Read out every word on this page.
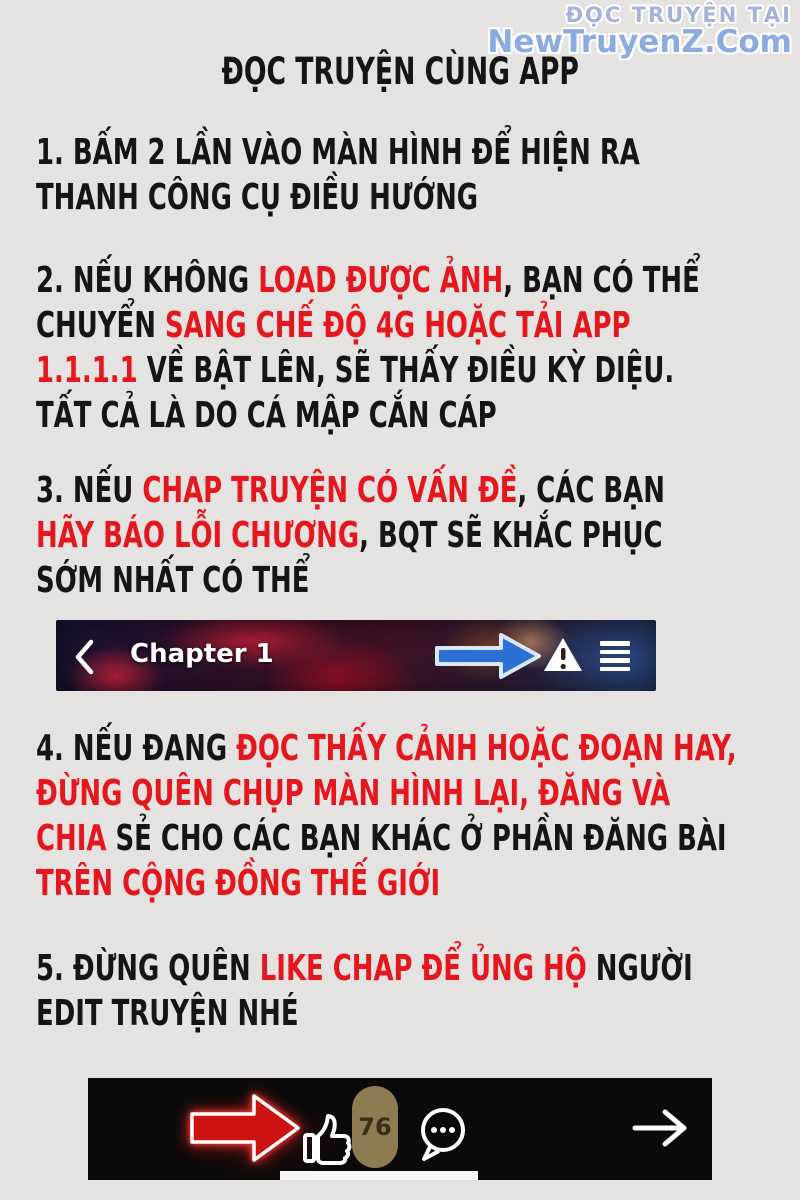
ĐỌC TRUYỆN TẠI
NewTruyenZ.Com
ĐỌC TRUYỆN CÙNG APP

1. BẤM 2 LẦN VÀO MÀN HÌNH ĐỂ HIỆN RA
THANH CÔNG CỤ ĐIỀU HƯỚNG

2. NẾU KHÔNG LOAD ĐƯỢC ẢNH, BẠN CÓ THỂ
CHUYỂN SANG CHẾ ĐỘ 4G HOẶC TẢI APP
1.1.1.1 VỀ BẬT LÊN, SẼ THẤY ĐIỀU KỲ DIỆU.
TẤT CẢ LÀ DO CÁ MẬP CẮN CÁP

3. NẾU CHAP TRUYỆN CÓ VẤN ĐỀ, CÁC BẠN
HÃY BÁO LỖI CHƯƠNG, BQT SẼ KHẮC PHỤC
SỚM NHẤT CÓ THỂ

4. NẾU ĐANG ĐỌC THẤY CẢNH HOẶC ĐOẠN HAY,
ĐỪNG QUÊN CHỤP MÀN HÌNH LẠI, ĐĂNG VÀ
CHIA SẺ CHO CÁC BẠN KHÁC Ở PHẦN ĐĂNG BÀI
TRÊN CỘNG ĐỒNG THẾ GIỚI

5. ĐỪNG QUÊN LIKE CHAP ĐỂ ỦNG HỘ NGƯỜI
EDIT TRUYỆN NHÉ

Chapter 1
76
